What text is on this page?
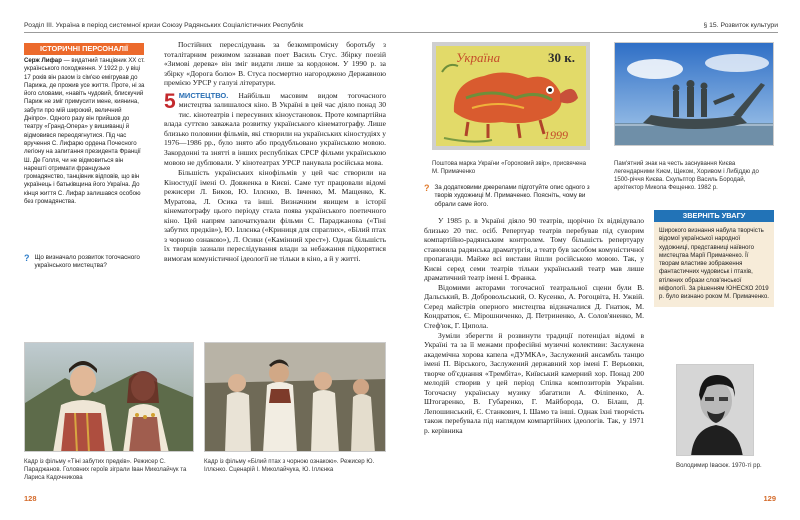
Розділ ІІІ. Україна в період системної кризи Союзу Радянських Соціалістичних Республік
ІСТОРИЧНІ ПЕРСОНАЛІЇ
Серж Лифар — видатний танцівник ХХ ст. українського походження. У 1922 р. у віці 17 років він разом із сім'єю емігрував до Парижа, де прожив усе життя. Проте, ні за його словами, «навіть чудовий, блискучий Париж не зміг примусити мене, киянина, забути про мій широкий, величний Дніпро». Одного разу він прийшов до театру «Гранд-Опера» у вишиванці й відмовився переодягнутися. Під час вручення С. Лифарю ордена Почесного легіону на запитання президента Франції Ш. Де Голля, чи не відмовиться він нарешті отримати французьке громадянство, танцівник відповів, що він українець і батьківщина його Україна. До кінця життя С. Лифар залишався особою без громадянства.
? Що визначало розвиток тогочасного українського мистецтва?

Постійних переслідувань за безкомпромісну боротьбу з тоталітарним режимом зазнавав поет Василь Стус. Збірку поезій «Зимові дерева» він зміг видати лише за кордоном. У 1990 р. за збірку «Дорога болю» В. Стуса посмертно нагороджено Державною премією УРСР у галузі літератури.

5 МИСТЕЦТВО. Найбільш масовим видом тогочасного мистецтва залишалося кіно. В Україні в цей час діяло понад 30 тис. кінотеатрів і пересувних кіноустановок. Проте компартійна влада суттєво заважала розвитку українського кінематографу. Лише близько половини фільмів, які створили на українських кіностудіях у 1976—1986 рр., було знято або продубльовано українською мовою. Закордонні та знятті в інших республіках СРСР фільми українською мовою не дублювали. У кінотеатрах УРСР панувала російська мова.

Більшість українських кінофільмів у цей час створили на Кіностудії імені О. Довженка в Києві. Саме тут працювали відомі режисери Л. Биков, Ю. Іллєнко, В. Івченко, М. Мащенко, К. Муратова, Л. Осика та інші. Визначним явищем в історії кінематографу цього періоду стала поява українського поетичного кіно. Цей напрям започаткували фільми С. Параджанова («Тіні забутих предків»), Ю. Іллєнка («Криниця для спраглих», «Білий птах з чорною ознакою»), Л. Осики («Камінний хрест»). Однак більшість їх творців зазнали переслідування влади за небажання підкорятися вимогам комуністичної ідеології не тільки в кіно, а й у житті.

Кадр із фільму «Тіні забутих предків». Режисер С. Параджанов. Головних героїв зіграли Іван Миколайчук та Лариса Кадочникова
Кадр із фільму «Білий птах з чорною ознакою». Режисер Ю. Іллєнко. Сценарій І. Миколайчука, Ю. Іллєнка
128
§ 15. Розвиток культури
Україна	30 к.
1999
Поштова марка України «Гороховий звір», присвячена М. Примаченко
? За додатковими джерелами підготуйте опис одного з творів художниці М. Примаченко. Поясніть, чому ви обрали саме його.
Пам'ятний знак на честь заснування Києва легендарними Києм, Щеком, Хоривом і Либіддю до 1500-річчя Києва. Скульптор Василь Бородай, архітектор Микола Фещенко. 1982 р.

У 1985 р. в Україні діяло 90 театрів, щорічно їх відвідувало близько 20 тис. осіб. Репертуар театрів перебував під суворим компартійно-радянським контролем. Тому більшість репертуару становила радянська драматургія, а театр був засобом комуністичної пропаганди. Майже всі вистави йшли російською мовою. Так, у Києві серед семи театрів тільки український театр мав лише драматичний театр імені І. Франка.

Відомими акторами тогочасної театральної сцени були В. Дальський, В. Добровольський, О. Кусенко, А. Рогоцвіта, Н. Ужвій. Серед майстрів оперного мистецтва відзначалися Д. Гнатюк, М. Кондратюк, Є. Мірошниченко, Д. Петриненко, А. Солов'яненко, М. Стеф'юк, Г. Ципола.

Зуміли зберегти й розвинути традиції потенціал відомі в Україні та за її межами професійні музичні колективи: Заслужена академічна хорова капела «ДУМКА», Заслужений ансамбль танцю імені П. Вірського, Заслужений державний хор імені Г. Верьовки, творче об'єднання «Трембіта», Київський камерний хор. Понад 200 мелодій створив у цей період Спілка композиторів України. Тогочасну українську музику збагатили А. Філіпенко, А. Штогаренко, В. Губаренко, Г. Майборода, О. Білаш, Д. Лепошинський, Є. Станкович, І. Шамо та інші. Однак їхні творчість також перебувала під наглядом компартійних ідеологів. Так, у 1971 р. керівника

ЗВЕРНІТЬ УВАГУ
Широкого визнання набула творчість відомої української народної художниці, представниці наївного мистецтва Марії Примаченко. Її творам властиве зображення фантастичних чудовиськ і птахів, втілених образи слов'янської міфології. За рішенням ЮНЕСКО 2019 р. було визнано роком М. Примаченко.
Володимир Івасюк. 1970-ті рр.
129
